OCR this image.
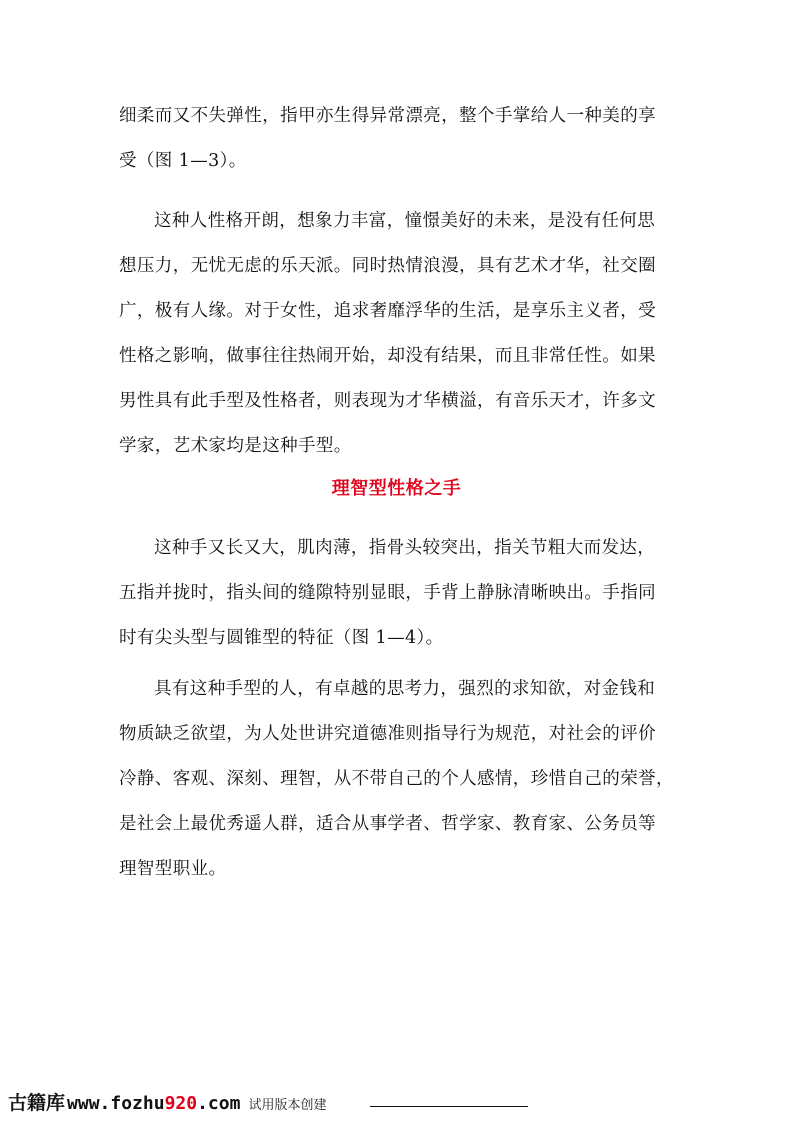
细柔而又不失弹性，指甲亦生得异常漂亮，整个手掌给人一种美的享
受（图 1—3）。
这种人性格开朗，想象力丰富，憧憬美好的未来，是没有任何思
想压力，无忧无虑的乐天派。同时热情浪漫，具有艺术才华，社交圈
广，极有人缘。对于女性，追求奢靡浮华的生活，是享乐主义者，受
性格之影响，做事往往热闹开始，却没有结果，而且非常任性。如果
男性具有此手型及性格者，则表现为才华横溢，有音乐天才，许多文
学家，艺术家均是这种手型。
理智型性格之手
这种手又长又大，肌肉薄，指骨头较突出，指关节粗大而发达，
五指并拢时，指头间的缝隙特别显眼，手背上静脉清晰映出。手指同
时有尖头型与圆锥型的特征（图 1—4）。
具有这种手型的人，有卓越的思考力，强烈的求知欲，对金钱和
物质缺乏欲望，为人处世讲究道德准则指导行为规范，对社会的评价
冷静、客观、深刻、理智，从不带自己的个人感情，珍惜自己的荣誉，
是社会上最优秀遥人群，适合从事学者、哲学家、教育家、公务员等
理智型职业。
古籍库 www.fozhu920.com 试用版本创建
